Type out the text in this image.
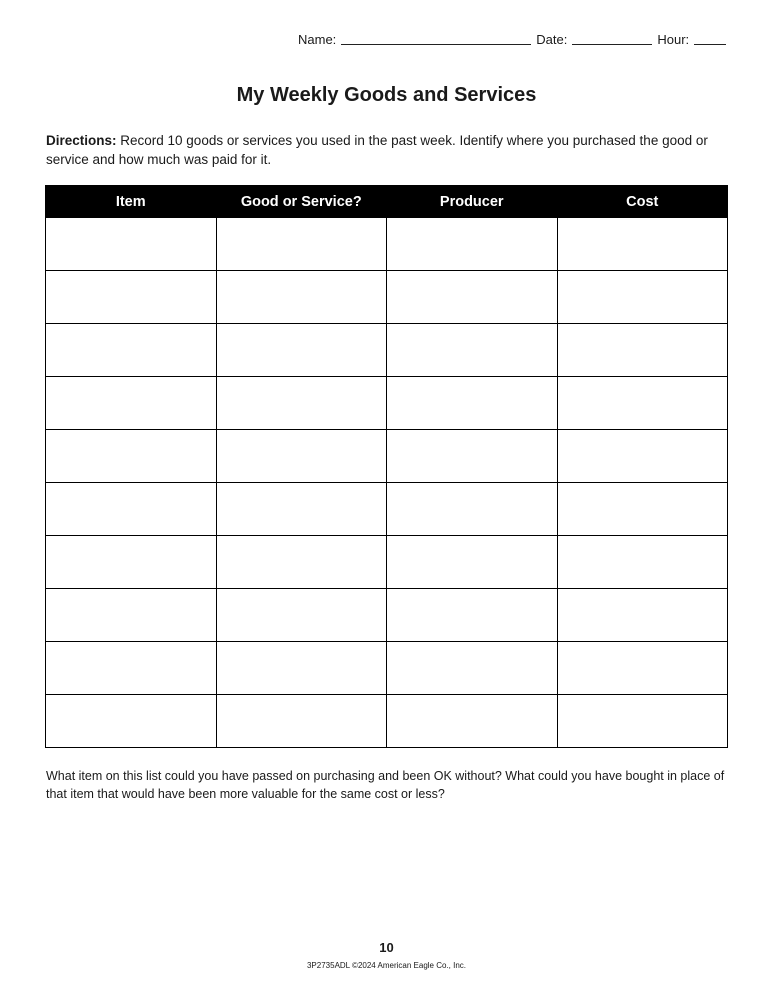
Name:	Date:	Hour:
My Weekly Goods and Services
Directions: Record 10 goods or services you used in the past week. Identify where you purchased the good or service and how much was paid for it.
Item	Good or Service?	Producer	Cost

What item on this list could you have passed on purchasing and been OK without? What could you have bought in place of that item that would have been more valuable for the same cost or less?
10
3P2735ADL ©2024 American Eagle Co., Inc.
